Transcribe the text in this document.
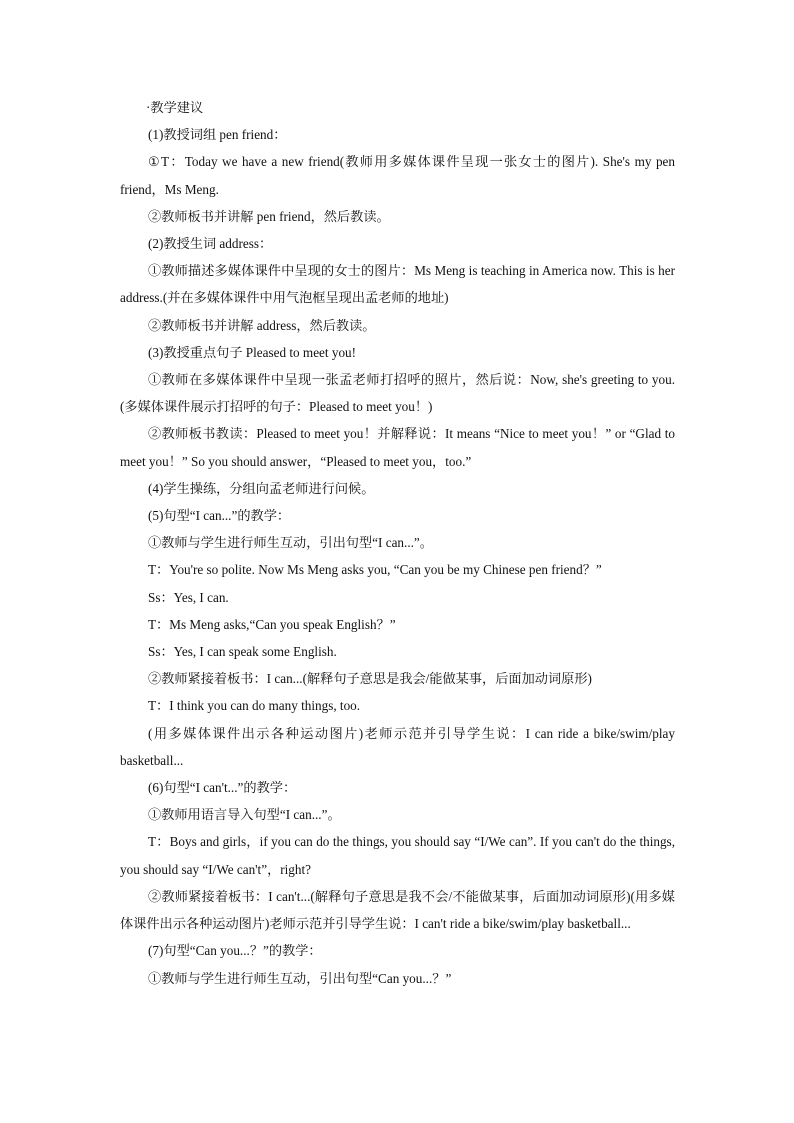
·教学建议

(1)教授词组 pen friend：

①T：Today we have a new friend(教师用多媒体课件呈现一张女士的图片). She's my pen friend，Ms Meng.

②教师板书并讲解 pen friend，然后教读。

(2)教授生词 address：

①教师描述多媒体课件中呈现的女士的图片：Ms Meng is teaching in America now. This is her address.(并在多媒体课件中用气泡框呈现出孟老师的地址)

②教师板书并讲解 address，然后教读。

(3)教授重点句子 Pleased to meet you!

①教师在多媒体课件中呈现一张孟老师打招呼的照片，然后说：Now, she's greeting to you.(多媒体课件展示打招呼的句子：Pleased to meet you！)

②教师板书教读：Pleased to meet you！并解释说：It means “Nice to meet you！” or “Glad to meet you！” So you should answer，“Pleased to meet you，too.”

(4)学生操练，分组向孟老师进行问候。

(5)句型“I can...”的教学：

①教师与学生进行师生互动，引出句型“I can...”。

T：You're so polite. Now Ms Meng asks you, “Can you be my Chinese pen friend？”

Ss：Yes, I can.

T：Ms Meng asks,“Can you speak English？”

Ss：Yes, I can speak some English.

②教师紧接着板书：I can...(解释句子意思是我会/能做某事，后面加动词原形)

T：I think you can do many things, too.

(用多媒体课件出示各种运动图片)老师示范并引导学生说：I can ride a bike/swim/play basketball...

(6)句型“I can't...”的教学：

①教师用语言导入句型“I can...”。

T：Boys and girls，if you can do the things, you should say “I/We can”. If you can't do the things, you should say “I/We can't”，right?

②教师紧接着板书：I can't...(解释句子意思是我不会/不能做某事，后面加动词原形)(用多媒体课件出示各种运动图片)老师示范并引导学生说：I can't ride a bike/swim/play basketball...

(7)句型“Can you...？”的教学：

①教师与学生进行师生互动，引出句型“Can you...？”
